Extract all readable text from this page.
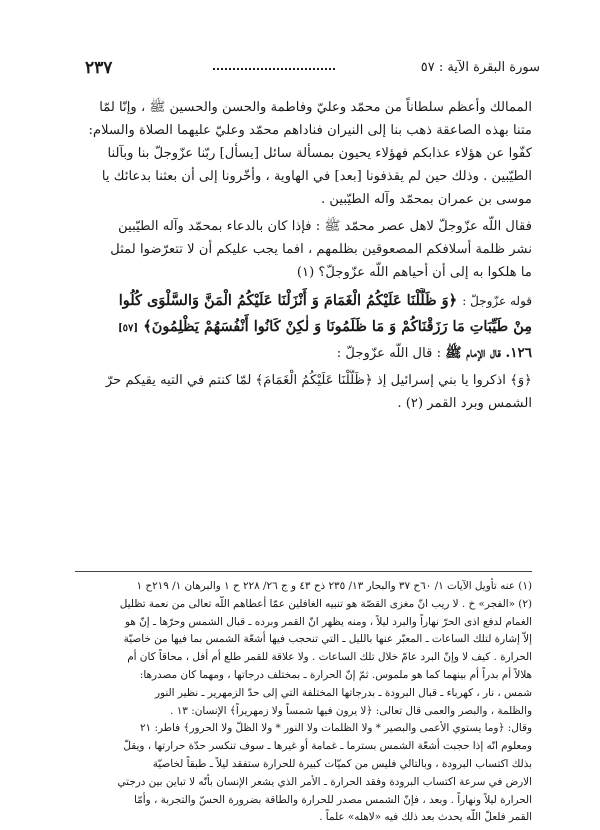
سورة البقرة الآية : ٥٧
٢٣٧
الممالك وأعظم سلطاناً من محمّد وعليّ وفاطمة والحسن والحسين ﷺ ، وإنّا لمّا
متنا بهذه الصاعقة ذهب بنا إلى النيران فناداهم محمّد وعليّ عليهما الصلاة والسلام:
كفّوا عن هؤلاء عذابكم فهؤلاء يحيون بمسألة سائل [يسأل] ربّنا عزّوجلّ بنا وبآلنا
الطيّبين . وذلك حين لم يقذفونا [بعد] في الهاوية ، وأخّرونا إلى أن بعثنا بدعائك يا
موسى بن عمران بمحمّد وآله الطيّبين .
فقال اللّه عزّوجلّ لاهل عصر محمّد ﷺ : فإذا كان بالدعاء بمحمّد وآله الطيّبين
نشر ظلمة أسلافكم المصعوقين بظلمهم ، افما يجب عليكم أن لا تتعرّضوا لمثل
ما هلكوا به إلى أن أحياهم اللّه عزّوجلّ؟ (١)
قوله عزّوجلّ : ﴿وَ ظَلَّلْنَا عَلَيْكُمُ الْغَمَامَ وَ أَنْزَلْنَا عَلَيْكُمُ الْمَنَّ وَالسَّلْوَى كُلُوا
مِنْ طَيِّبَاتِ مَا رَزَقْنَاكُمْ وَ مَا ظَلَمُونَا وَ لٰكِنْ كَانُوا أَنْفُسَهُمْ يَظْلِمُونَ﴾ [٥٧]
١٢٦. قال الإمام ﷺ : قال اللّه عزّوجلّ :
﴿وَ﴾ اذكروا يا بني إسرائيل إذ ﴿ظَلَّلْنَا عَلَيْكُمُ الْغَمَامَ﴾ لمّا كنتم في التيه يقيكم حرّ
الشمس وبرد القمر (٢) .
(١) عنه تأويل الآيات ١/ ٦٠ح ٣٧ والبحار ١٣/ ٢٣٥ ذح ٤٣ و ج ٢٦/ ٢٢٨ ح ١ والبرهان ١/ ٢١٩ح ١
(٢) «الفجر» خ . لا ريب انّ مغزى القصّة هو تنبيه الغافلين عمّا أعطاهم اللّه تعالى من نعمة تظليل
الغمام لدفع اذى الحرّ نهاراً والبرد ليلاً ، ومنه يظهر انّ القمر وبرده ـ قبال الشمس وحرّها ـ إنّ هو
إلاّ إشارة لتلك الساعات ـ المعبّر عنها بالليل ـ التي تنحجب فيها أشعّة الشمس بما فيها من خاصيّة
الحرارة . كيف لا وإنّ البرد عامّ خلال تلك الساعات . ولا علاقة للقمر طلع أم أفل ، محاقاً كان أم
هلالاً أم بدراً أم بينهما كما هو ملموس. ثمّ إنّ الحرارة ـ بمختلف درجاتها ، ومهما كان مصدرها:
شمس ، نار ، كهرباء ـ قبال البرودة ـ بدرجاتها المختلفة التي إلى حدّ الزمهرير ـ نظير النور
والظلمة ، والبصر والعمى قال تعالى: ﴿لا يرون فيها شمساً ولا زمهريراً﴾ الإنسان: ١٣ .
وقال: ﴿وما يستوي الأعمى والبصير * ولا الظلمات ولا النور * ولا الظلّ ولا الحرور﴾ فاطر: ٢١
ومعلوم انّه إذا حجبت أشعّة الشمس بسترما ـ غمامة أو غيرها ـ سوف تنكسر حدّة حرارتها ، ويقلّ
بذلك اكتساب البرودة ، وبالتالي فليس من كميّات كبيرة للحرارة ستفقد ليلاً ـ طبقاً لخاصيّة
الارض في سرعة اكتساب البرودة وفقد الحرارة ـ الأمر الذي يشعر الإنسان بأنّه لا تباين بين درجتي
الحرارة ليلاً ونهاراً . وبعد ، فإنّ الشمس مصدر للحرارة والطاقة بضرورة الحسّ والتجربة ، وأمّا
القمر فلعلّ اللّه يحدث بعد ذلك فيه «لاهله» علماً .
